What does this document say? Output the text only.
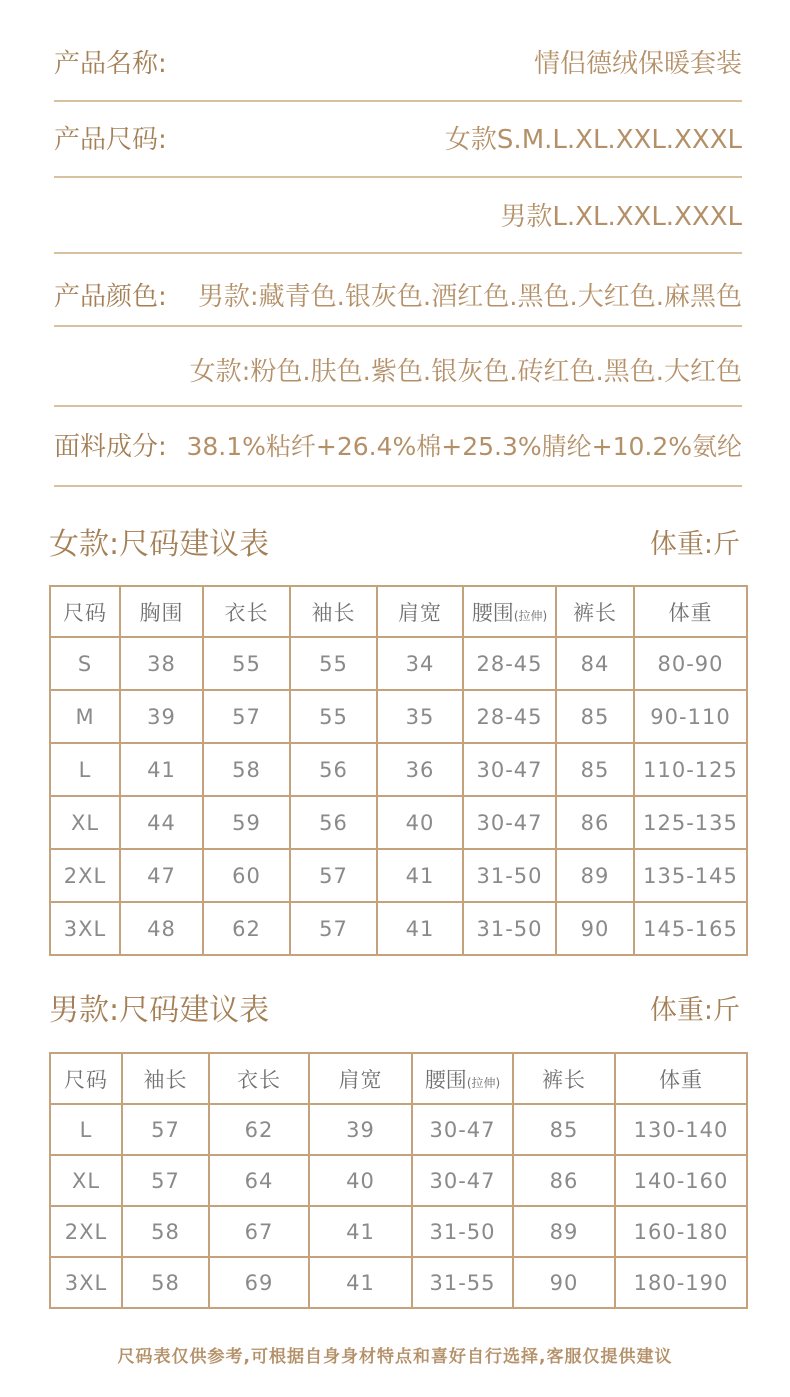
产品名称:	情侣德绒保暖套装
产品尺码:	女款S.M.L.XL.XXL.XXXL
男款L.XL.XXL.XXXL
产品颜色: 男款:藏青色.银灰色.酒红色.黑色.大红色.麻黑色
女款:粉色.肤色.紫色.银灰色.砖红色.黑色.大红色
面料成分: 38.1%粘纤+26.4%棉+25.3%腈纶+10.2%氨纶
女款:尺码建议表	体重:斤
尺码	胸围	衣长	袖长	肩宽	腰围(拉伸)	裤长	体重
S	38	55	55	34	28-45	84	80-90
M	39	57	55	35	28-45	85	90-110
L	41	58	56	36	30-47	85	110-125
XL	44	59	56	40	30-47	86	125-135
2XL	47	60	57	41	31-50	89	135-145
3XL	48	62	57	41	31-50	90	145-165
男款:尺码建议表	体重:斤
尺码	袖长	衣长	肩宽	腰围(拉伸)	裤长	体重
L	57	62	39	30-47	85	130-140
XL	57	64	40	30-47	86	140-160
2XL	58	67	41	31-50	89	160-180
3XL	58	69	41	31-55	90	180-190
尺码表仅供参考,可根据自身身材特点和喜好自行选择,客服仅提供建议
